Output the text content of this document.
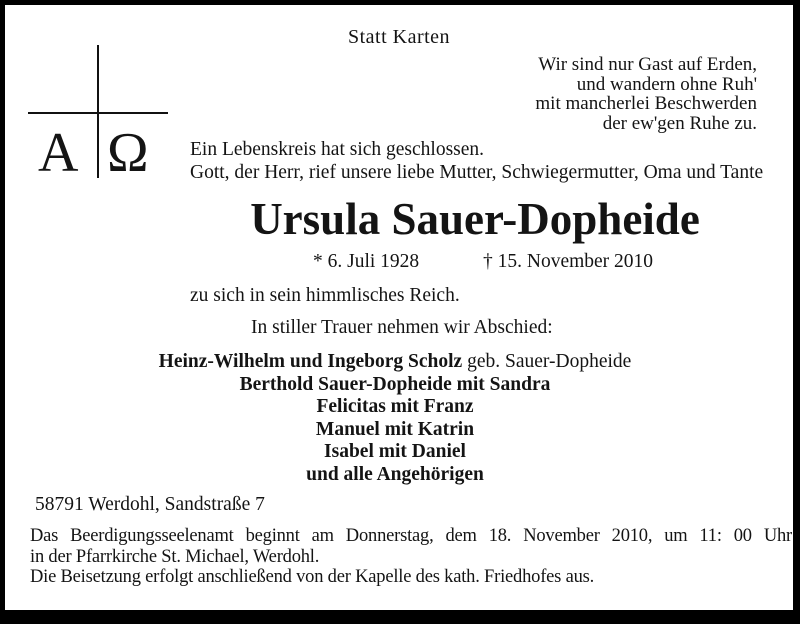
Statt Karten
Wir sind nur Gast auf Erden,
und wandern ohne Ruh'
mit mancherlei Beschwerden
der ew'gen Ruhe zu.
A Ω Ein Lebenskreis hat sich geschlossen.
Gott, der Herr, rief unsere liebe Mutter, Schwiegermutter, Oma und Tante
Ursula Sauer-Dopheide
* 6. Juli 1928	† 15. November 2010
zu sich in sein himmlisches Reich.
In stiller Trauer nehmen wir Abschied:
Heinz-Wilhelm und Ingeborg Scholz geb. Sauer-Dopheide
Berthold Sauer-Dopheide mit Sandra
Felicitas mit Franz
Manuel mit Katrin
Isabel mit Daniel
und alle Angehörigen
58791 Werdohl, Sandstraße 7
Das Beerdigungsseelenamt beginnt am Donnerstag, dem 18. November 2010, um 11: 00 Uhr
in der Pfarrkirche St. Michael, Werdohl.
Die Beisetzung erfolgt anschließend von der Kapelle des kath. Friedhofes aus.
